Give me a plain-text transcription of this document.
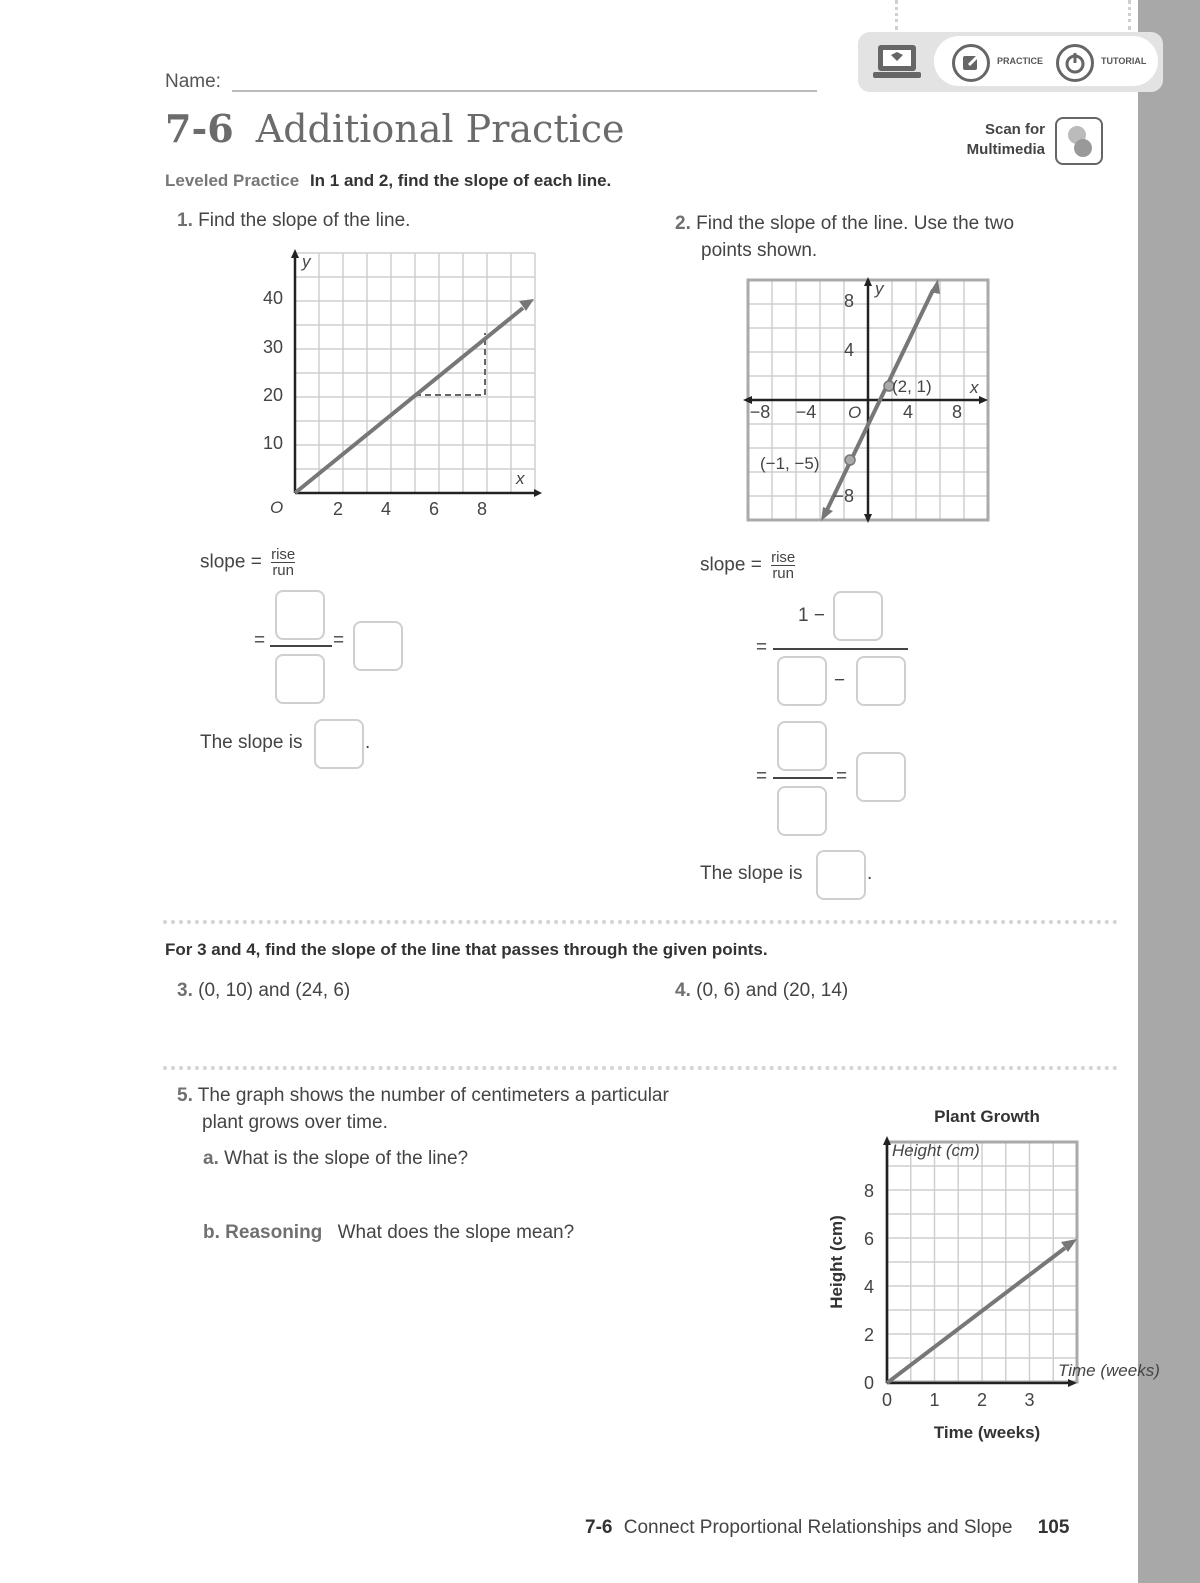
PRACTICE	TUTORIAL
Name:
7-6 Additional Practice	Scan for
Multimedia
Leveled Practice In 1 and 2, find the slope of each line.
1. Find the slope of the line.
y
x
O	2 4 6 8
10
20
30
40
slope = rise
run
=	=
The slope is	.
2. Find the slope of the line. Use the two
points shown.
y
x
O
−8 −4	4 8
8
4
−8
(2, 1)
(−1, −5)
slope = rise
run
1 −
=
−
=	=
The slope is	.
For 3 and 4, find the slope of the line that passes through the given points.
3. (0, 10) and (24, 6)	4. (0, 6) and (20, 14)
5. The graph shows the number of centimeters a particular
plant grows over time.
a. What is the slope of the line?
b. Reasoning What does the slope mean?
Plant Growth
Height (cm)
Time (weeks)
0 1 2 3
0
2
4
6
8
Time (weeks)
Height (cm)
7-6 Connect Proportional Relationships and Slope 105
